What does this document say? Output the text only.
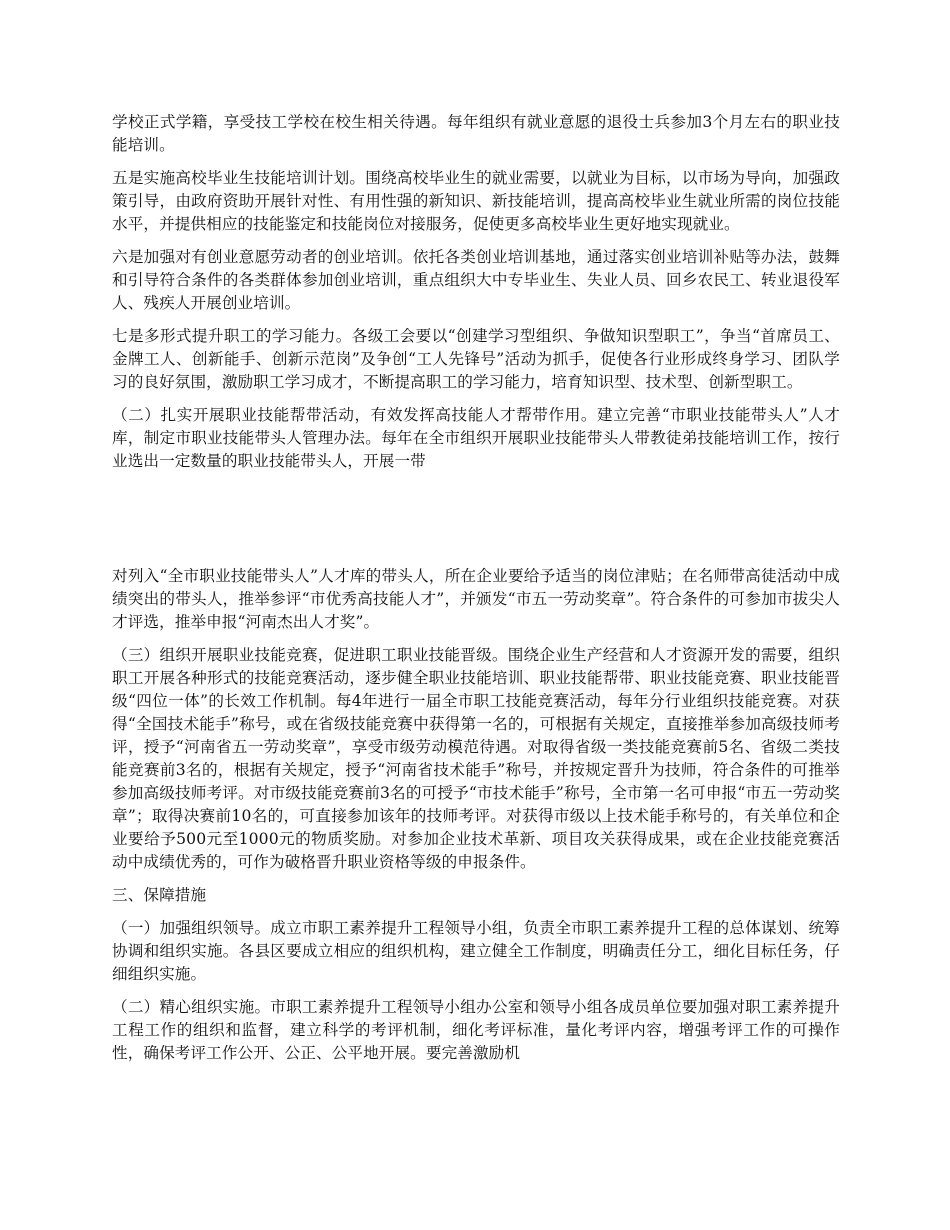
学校正式学籍，享受技工学校在校生相关待遇。每年组织有就业意愿的退役士兵参加3个月左右的职业技能培训。

五是实施高校毕业生技能培训计划。围绕高校毕业生的就业需要，以就业为目标，以市场为导向，加强政策引导，由政府资助开展针对性、有用性强的新知识、新技能培训，提高高校毕业生就业所需的岗位技能水平，并提供相应的技能鉴定和技能岗位对接服务，促使更多高校毕业生更好地实现就业。

六是加强对有创业意愿劳动者的创业培训。依托各类创业培训基地，通过落实创业培训补贴等办法，鼓舞和引导符合条件的各类群体参加创业培训，重点组织大中专毕业生、失业人员、回乡农民工、转业退役军人、残疾人开展创业培训。

七是多形式提升职工的学习能力。各级工会要以“创建学习型组织、争做知识型职工”，争当“首席员工、金牌工人、创新能手、创新示范岗”及争创“工人先锋号”活动为抓手，促使各行业形成终身学习、团队学习的良好氛围，激励职工学习成才，不断提高职工的学习能力，培育知识型、技术型、创新型职工。

（二）扎实开展职业技能帮带活动，有效发挥高技能人才帮带作用。建立完善“市职业技能带头人”人才库，制定市职业技能带头人管理办法。每年在全市组织开展职业技能带头人带教徒弟技能培训工作，按行业选出一定数量的职业技能带头人，开展一带

对列入“全市职业技能带头人”人才库的带头人，所在企业要给予适当的岗位津贴；在名师带高徒活动中成绩突出的带头人，推举参评“市优秀高技能人才”，并颁发“市五一劳动奖章”。符合条件的可参加市拔尖人才评选，推举申报“河南杰出人才奖”。

（三）组织开展职业技能竞赛，促进职工职业技能晋级。围绕企业生产经营和人才资源开发的需要，组织职工开展各种形式的技能竞赛活动，逐步健全职业技能培训、职业技能帮带、职业技能竞赛、职业技能晋级“四位一体”的长效工作机制。每4年进行一届全市职工技能竞赛活动，每年分行业组织技能竞赛。对获得“全国技术能手”称号，或在省级技能竞赛中获得第一名的，可根据有关规定，直接推举参加高级技师考评，授予“河南省五一劳动奖章”，享受市级劳动模范待遇。对取得省级一类技能竞赛前5名、省级二类技能竞赛前3名的，根据有关规定，授予“河南省技术能手”称号，并按规定晋升为技师，符合条件的可推举参加高级技师考评。对市级技能竞赛前3名的可授予“市技术能手”称号，全市第一名可申报“市五一劳动奖章”；取得决赛前10名的，可直接参加该年的技师考评。对获得市级以上技术能手称号的，有关单位和企业要给予500元至1000元的物质奖励。对参加企业技术革新、项目攻关获得成果，或在企业技能竞赛活动中成绩优秀的，可作为破格晋升职业资格等级的申报条件。

三、保障措施

（一）加强组织领导。成立市职工素养提升工程领导小组，负责全市职工素养提升工程的总体谋划、统筹协调和组织实施。各县区要成立相应的组织机构，建立健全工作制度，明确责任分工，细化目标任务，仔细组织实施。

（二）精心组织实施。市职工素养提升工程领导小组办公室和领导小组各成员单位要加强对职工素养提升工程工作的组织和监督，建立科学的考评机制，细化考评标准，量化考评内容，增强考评工作的可操作性，确保考评工作公开、公正、公平地开展。要完善激励机
